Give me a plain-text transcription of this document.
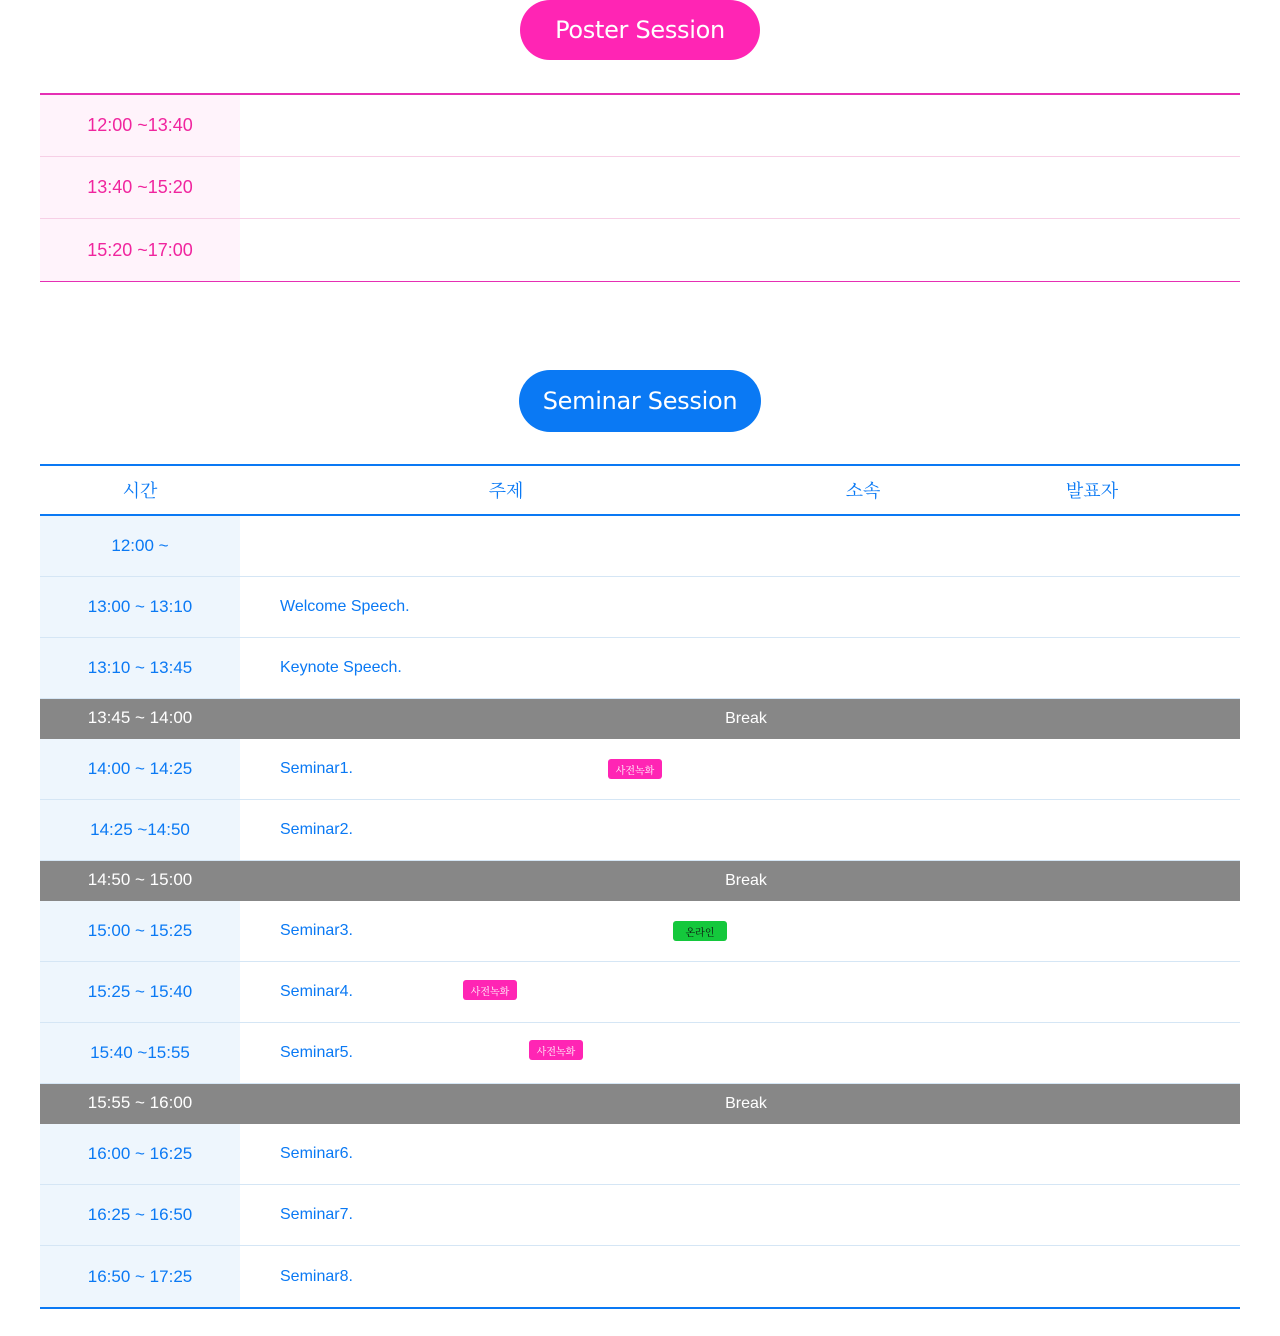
Poster Session
12:00 ~13:40
13:40 ~15:20
15:20 ~17:00
Seminar Session
시간	주제	소속	발표자
12:00 ~
13:00 ~ 13:10	Welcome Speech.
13:10 ~ 13:45	Keynote Speech.
13:45 ~ 14:00	Break
14:00 ~ 14:25	Seminar1.	사전녹화
14:25 ~14:50	Seminar2.
14:50 ~ 15:00	Break
15:00 ~ 15:25	Seminar3.	온라인
15:25 ~ 15:40	Seminar4.	사전녹화
15:40 ~15:55	Seminar5.	사전녹화
15:55 ~ 16:00	Break
16:00 ~ 16:25	Seminar6.
16:25 ~ 16:50	Seminar7.
16:50 ~ 17:25	Seminar8.
